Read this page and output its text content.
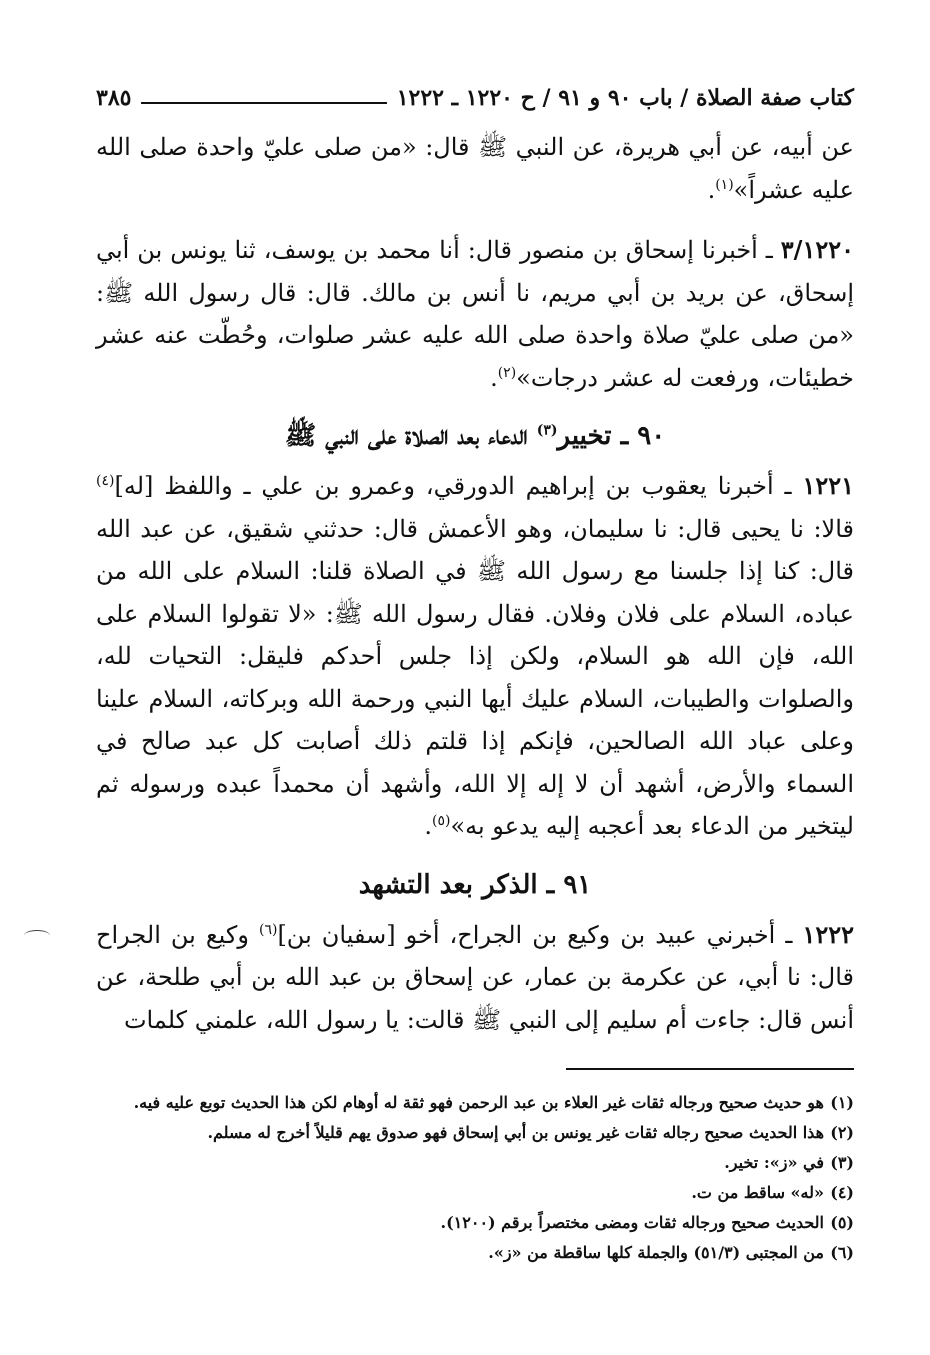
كتاب صفة الصلاة / باب ٩٠ و ٩١ / ح ١٢٢٠ ـ ١٢٢٢
٣٨٥

عن أبيه، عن أبي هريرة، عن النبي ﷺ قال: «من صلى عليّ واحدة صلى الله عليه عشراً»$^{(١)}$.

٣/١٢٢٠ ـ أخبرنا إسحاق بن منصور قال: أنا محمد بن يوسف، ثنا يونس بن أبي إسحاق، عن بريد بن أبي مريم، نا أنس بن مالك. قال: قال رسول الله ﷺ: «من صلى عليّ صلاة واحدة صلى الله عليه عشر صلوات، وحُطّت عنه عشر خطيئات، ورفعت له عشر درجات»$^{(٢)}$.

٩٠ ـ تخيير$^{(٣)}$ الدعاء بعد الصلاة على النبي ﷺ

١٢٢١ ـ أخبرنا يعقوب بن إبراهيم الدورقي، وعمرو بن علي ـ واللفظ [له]$^{(٤)}$ قالا: نا يحيى قال: نا سليمان، وهو الأعمش قال: حدثني شقيق، عن عبد الله قال: كنا إذا جلسنا مع رسول الله ﷺ في الصلاة قلنا: السلام على الله من عباده، السلام على فلان وفلان. فقال رسول الله ﷺ: «لا تقولوا السلام على الله، فإن الله هو السلام، ولكن إذا جلس أحدكم فليقل: التحيات لله، والصلوات والطيبات، السلام عليك أيها النبي ورحمة الله وبركاته، السلام علينا وعلى عباد الله الصالحين، فإنكم إذا قلتم ذلك أصابت كل عبد صالح في السماء والأرض، أشهد أن لا إله إلا الله، وأشهد أن محمداً عبده ورسوله ثم ليتخير من الدعاء بعد أعجبه إليه يدعو به»$^{(٥)}$.

٩١ ـ الذكر بعد التشهد

١٢٢٢ ـ أخبرني عبيد بن وكيع بن الجراح، أخو [سفيان بن]$^{(٦)}$ وكيع بن الجراح قال: نا أبي، عن عكرمة بن عمار، عن إسحاق بن عبد الله بن أبي طلحة، عن أنس قال: جاءت أم سليم إلى النبي ﷺ قالت: يا رسول الله، علمني كلمات

(١)
هو حديث صحيح ورجاله ثقات غير العلاء بن عبد الرحمن فهو ثقة له أوهام لكن هذا الحديث توبع عليه فيه.
(٢)
هذا الحديث صحيح رجاله ثقات غير يونس بن أبي إسحاق فهو صدوق يهم قليلاً أخرج له مسلم.
(٣)
في «ز»: تخير.
(٤)
«له» ساقط من ت.
(٥)
الحديث صحيح ورجاله ثقات ومضى مختصراً برقم (١٢٠٠).
(٦)
من المجتبى (٥١/٣) والجملة كلها ساقطة من «ز».
